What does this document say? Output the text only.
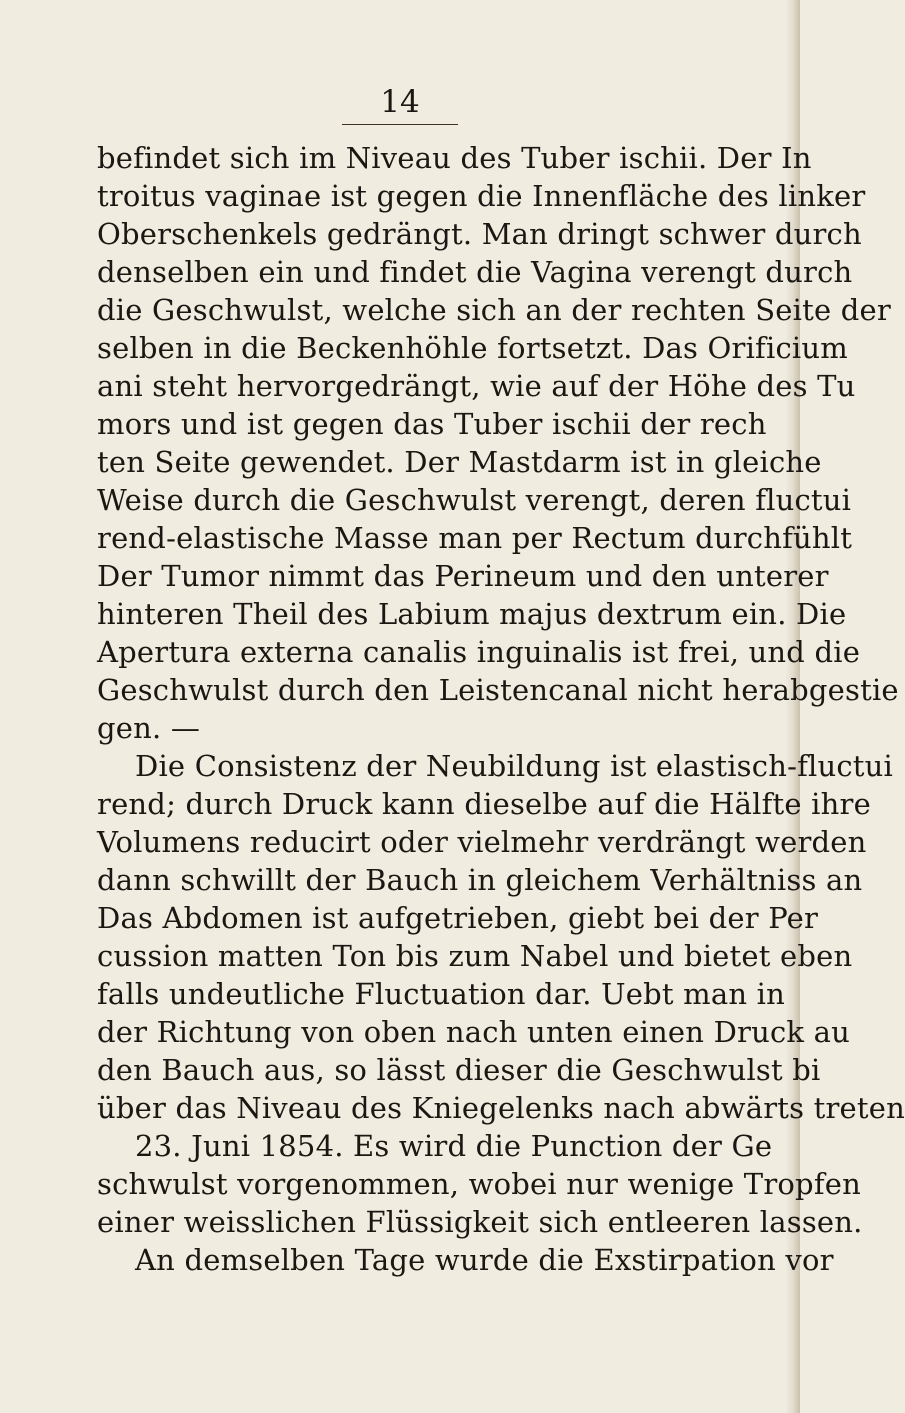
14
befindet sich im Niveau des Tuber ischii. Der In
troitus vaginae ist gegen die Innenfläche des linker
Oberschenkels gedrängt. Man dringt schwer durch
denselben ein und findet die Vagina verengt durch
die Geschwulst, welche sich an der rechten Seite der
selben in die Beckenhöhle fortsetzt. Das Orificium
ani steht hervorgedrängt, wie auf der Höhe des Tu
mors und ist gegen das Tuber ischii der rech
ten Seite gewendet. Der Mastdarm ist in gleiche
Weise durch die Geschwulst verengt, deren fluctui
rend-elastische Masse man per Rectum durchfühlt
Der Tumor nimmt das Perineum und den unterer
hinteren Theil des Labium majus dextrum ein. Die
Apertura externa canalis inguinalis ist frei, und die
Geschwulst durch den Leistencanal nicht herabgestie
gen. —
Die Consistenz der Neubildung ist elastisch-fluctui
rend; durch Druck kann dieselbe auf die Hälfte ihre
Volumens reducirt oder vielmehr verdrängt werden
dann schwillt der Bauch in gleichem Verhältniss an
Das Abdomen ist aufgetrieben, giebt bei der Per
cussion matten Ton bis zum Nabel und bietet eben
falls undeutliche Fluctuation dar. Uebt man in
der Richtung von oben nach unten einen Druck au
den Bauch aus, so lässt dieser die Geschwulst bi
über das Niveau des Kniegelenks nach abwärts treten
23. Juni 1854. Es wird die Punction der Ge
schwulst vorgenommen, wobei nur wenige Tropfen
einer weisslichen Flüssigkeit sich entleeren lassen.
An demselben Tage wurde die Exstirpation vor
